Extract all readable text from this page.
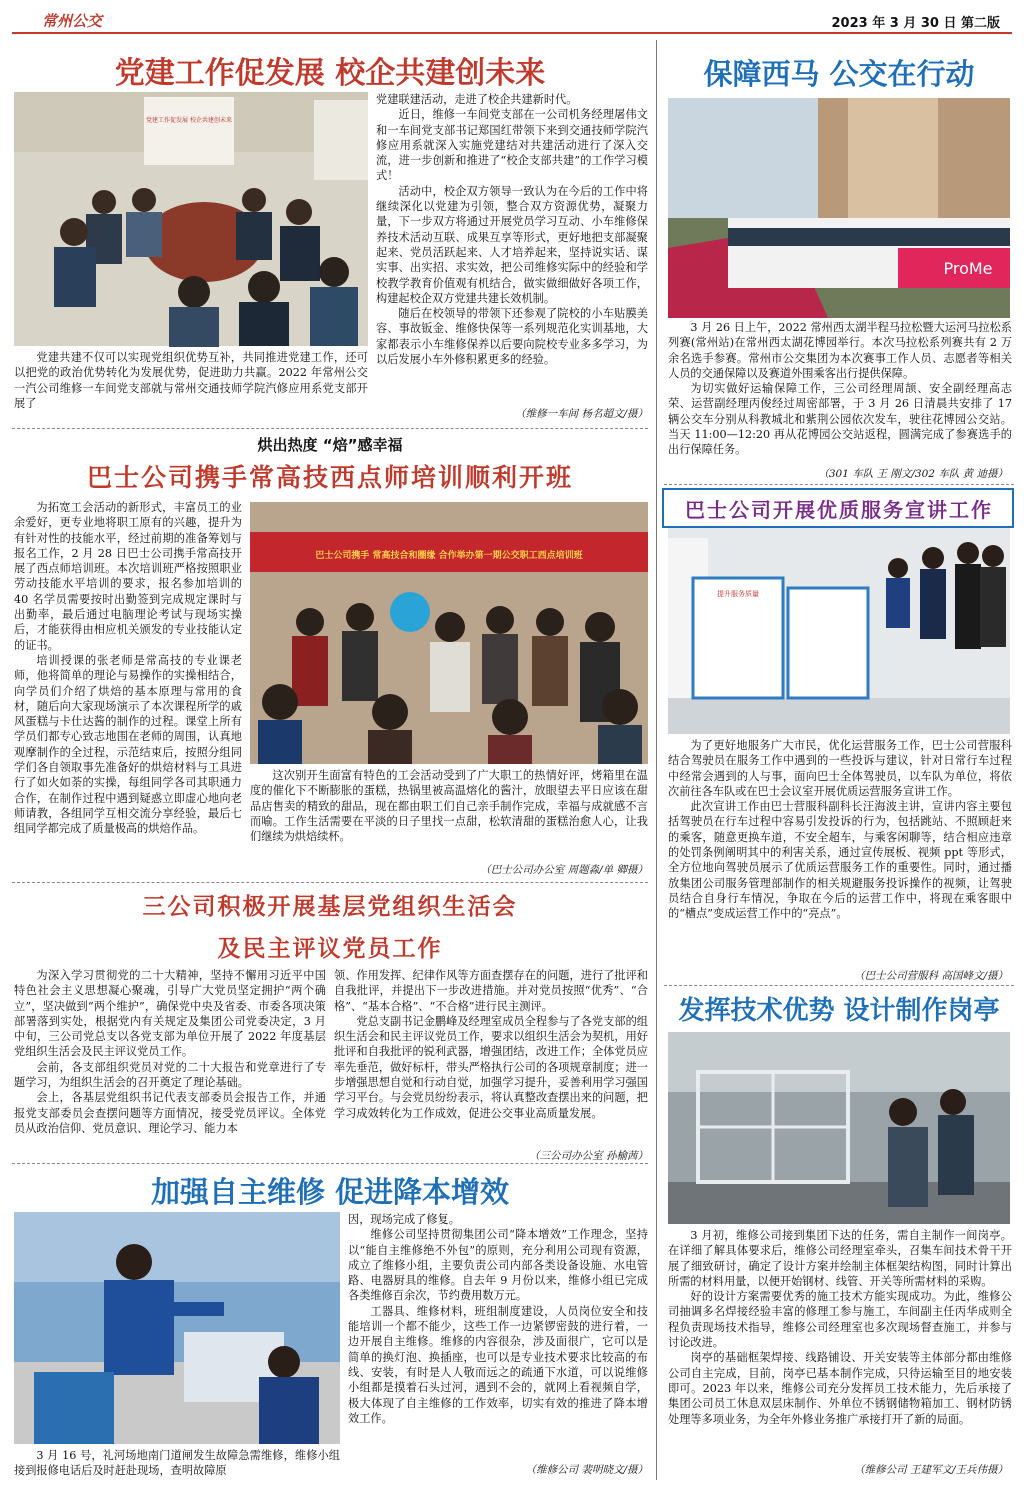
常州公交	2023 年 3 月 30 日 第二版
党建工作促发展 校企共建创未来
党建工作促发展 校企共建创未来

党建联建活动，走进了校企共建新时代。

近日，维修一车间党支部在一公司机务经理屠伟文和一车间党支部书记郑国红带领下来到交通技师学院汽修应用系就深入实施党建结对共建活动进行了深入交流，进一步创新和推进了“校企支部共建”的工作学习模式！

活动中，校企双方领导一致认为在今后的工作中将继续深化以党建为引领，整合双方资源优势，凝聚力量，下一步双方将通过开展党员学习互动、小车维修保养技术活动互联、成果互享等形式，更好地把支部凝聚起来、党员活跃起来、人才培养起来，坚持说实话、谋实事、出实招、求实效，把公司维修实际中的经验和学校教学教育价值观有机结合，做实做细做好各项工作，构建起校企双方党建共建长效机制。

随后在校领导的带领下还参观了院校的小车贴膜美容、事故钣金、维修快保等一系列规范化实训基地，大家都表示小车维修保养以后要向院校专业多多学习，为以后发展小车外修积累更多的经验。

党建共建不仅可以实现党组织优势互补，共同推进党建工作，还可以把党的政治优势转化为发展优势，促进助力共赢。2022 年常州公交一汽公司维修一车间党支部就与常州交通技师学院汽修应用系党支部开展了

（维修一车间 杨名超文/摄）
烘出热度 “焙”感幸福
巴士公司携手常高技西点师培训顺利开班

为拓宽工会活动的新形式，丰富员工的业余爱好，更专业地将职工原有的兴趣，提升为有针对性的技能水平，经过前期的准备筹划与报名工作，2 月 28 日巴士公司携手常高技开展了西点师培训班。本次培训班严格按照职业劳动技能水平培训的要求，报名参加培训的 40 名学员需要按时出勤签到完成规定课时与出勤率，最后通过电脑理论考试与现场实操后，才能获得由相应机关颁发的专业技能认定的证书。

培训授课的张老师是常高技的专业课老师，他将简单的理论与易操作的实操相结合，向学员们介绍了烘焙的基本原理与常用的食材，随后向大家现场演示了本次课程所学的戚风蛋糕与卡仕达酱的制作的过程。课堂上所有学员们都专心致志地围在老师的周围，认真地观摩制作的全过程，示范结束后，按照分组同学们各自领取事先准备好的烘焙材料与工具进行了如火如荼的实操，每组同学各司其职通力合作，在制作过程中遇到疑惑立即虚心地向老师请教，各组同学互相交流分享经验，最后七组同学都完成了质量极高的烘焙作品。

巴士公司携手 常高技合和圈缘 合作举办第一期公交职工西点培训班

这次别开生面富有特色的工会活动受到了广大职工的热情好评，烤箱里在温度的催化下不断膨胀的蛋糕，热锅里被高温熔化的酱汁，放眼望去平日应该在甜品店售卖的精致的甜品，现在都由职工们自己亲手制作完成，幸福与成就感不言而喻。工作生活需要在平淡的日子里找一点甜，松软清甜的蛋糕治愈人心，让我们继续为烘焙续杯。

（巴士公司办公室 周题淼/单 卿摄）
三公司积极开展基层党组织生活会
及民主评议党员工作

为深入学习贯彻党的二十大精神，坚持不懈用习近平中国特色社会主义思想凝心聚魂，引导广大党员坚定拥护“两个确立”，坚决做到“两个维护”，确保党中央及省委、市委各项决策部署落到实处，根据党内有关规定及集团公司党委决定，3 月中旬，三公司党总支以各党支部为单位开展了 2022 年度基层党组织生活会及民主评议党员工作。

会前，各支部组织党员对党的二十大报告和党章进行了专题学习，为组织生活会的召开奠定了理论基础。

会上，各基层党组织书记代表支部委员会报告工作，并通报党支部委员会查摆问题等方面情况，接受党员评议。全体党员从政治信仰、党员意识、理论学习、能力本

领、作用发挥、纪律作风等方面查摆存在的问题，进行了批评和自我批评，并提出下一步改进措施。并对党员按照“优秀”、“合格”、“基本合格”、“不合格”进行民主测评。

党总支副书记金鹏峰及经理室成员全程参与了各党支部的组织生活会和民主评议党员工作，要求以组织生活会为契机，用好批评和自我批评的锐利武器，增强团结，改进工作；全体党员应率先垂范，做好标杆，带头严格执行公司的各项规章制度；进一步增强思想自觉和行动自觉，加强学习提升，妥善利用学习强国学习平台。与会党员纷纷表示，将认真整改查摆出来的问题，把学习成效转化为工作成效，促进公交事业高质量发展。

（三公司办公室 孙榆茜）
加强自主维修 促进降本增效

3 月 16 号，礼河场地南门道闸发生故障急需维修，维修小组接到报修电话后及时赶赴现场，查明故障原

因，现场完成了修复。

维修公司坚持贯彻集团公司“降本增效”工作理念，坚持以“能自主维修绝不外包”的原则，充分利用公司现有资源，成立了维修小组，主要负责公司内部各类设备设施、水电管路、电器厨具的维修。自去年 9 月份以来，维修小组已完成各类维修百余次，节约费用数万元。

工器具、维修材料，班组制度建设，人员岗位安全和技能培训一个都不能少，这些工作一边紧锣密鼓的进行着，一边开展自主维修。维修的内容很杂，涉及面很广，它可以是简单的换灯泡、换插座，也可以是专业技术要求比较高的布线、安装，有时是人人敬而远之的疏通下水道，可以说维修小组都是摸着石头过河，遇到不会的，就网上看视频自学，极大体现了自主维修的工作效率，切实有效的推进了降本增效工作。

（维修公司 裴明晓文/摄）
保障西马 公交在行动
ProMe

3 月 26 日上午，2022 常州西太湖半程马拉松暨大运河马拉松系列赛(常州站)在常州西太湖花博园举行。本次马拉松系列赛共有 2 万余名选手参赛。常州市公交集团为本次赛事工作人员、志愿者等相关人员的交通保障以及赛道外围乘客出行提供保障。

为切实做好运输保障工作，三公司经理周颉、安全副经理高志荣、运营副经理丙俊经过周密部署，于 3 月 26 日清晨共安排了 17 辆公交车分别从科教城北和紫荆公园依次发车，驶往花博园公交站。当天 11:00—12:20 再从花博园公交站返程，圆满完成了参赛选手的出行保障任务。

（301 车队 王 刚文/302 车队 黄 迪摄）
巴士公司开展优质服务宣讲工作
提升服务质量

为了更好地服务广大市民，优化运营服务工作，巴士公司营服科结合驾驶员在服务工作中遇到的一些投诉与建议，针对日常行车过程中经常会遇到的人与事，面向巴士全体驾驶员，以车队为单位，将依次前往各车队或在巴士会议室开展优质运营服务宣讲工作。

此次宣讲工作由巴士营服科副科长汪海波主讲，宣讲内容主要包括驾驶员在行车过程中容易引发投诉的行为，包括跳站、不照顾赶来的乘客，随意更换车道，不安全超车，与乘客闲聊等，结合相应违章的处罚条例阐明其中的利害关系，通过宣传展板、视频 ppt 等形式，全方位地向驾驶员展示了优质运营服务工作的重要性。同时，通过播放集团公司服务管理部制作的相关规避服务投诉操作的视频，让驾驶员结合自身行车情况，争取在今后的运营工作中，将现在乘客眼中的“槽点”变成运营工作中的“亮点”。

（巴士公司营服科 高国峰文/摄）
发挥技术优势 设计制作岗亭

3 月初，维修公司接到集团下达的任务，需自主制作一间岗亭。在详细了解具体要求后，维修公司经理室牵头，召集车间技术骨干开展了细致研讨，确定了设计方案并绘制主体框架结构图，同时计算出所需的材料用量，以便开始钢材、线管、开关等所需材料的采购。

好的设计方案需要优秀的施工技术方能实现成功。为此，维修公司抽调多名焊接经验丰富的修理工参与施工，车间副主任丙华成则全程负责现场技术指导，维修公司经理室也多次现场督查施工，并参与讨论改进。

岗亭的基础框架焊接、线路铺设、开关安装等主体部分都由维修公司自主完成，目前，岗亭已基本制作完成，只待运输至目的地安装即可。2023 年以来，维修公司充分发挥员工技术能力，先后承接了集团公司员工休息双层床制作、外单位不锈钢储物箱加工、钢材防锈处理等多项业务，为全年外修业务推广承接打开了新的局面。

（维修公司 王建军文/王兵伟摄）
